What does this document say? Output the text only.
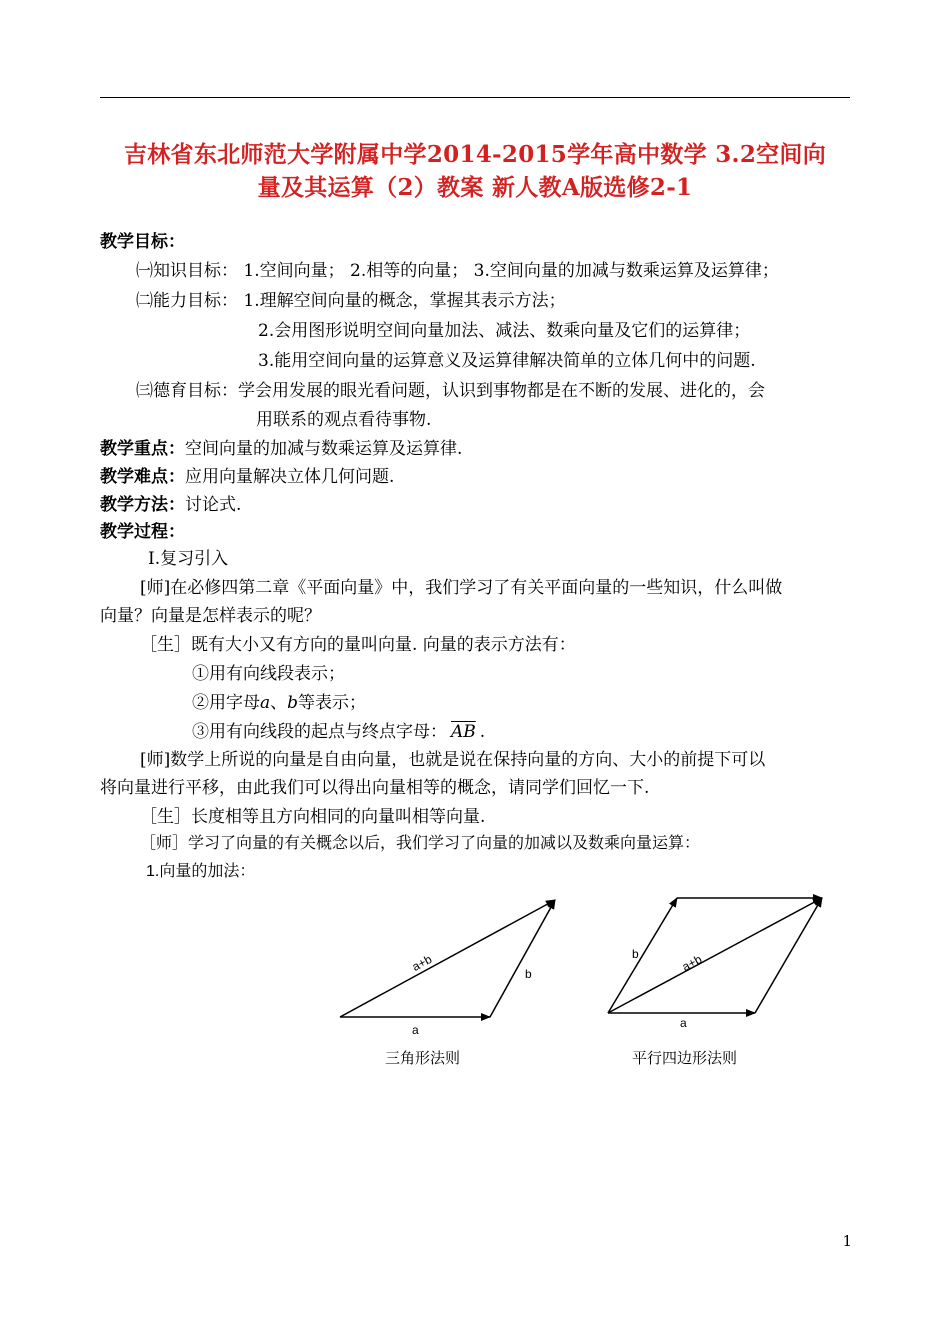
吉林省东北师范大学附属中学2014-2015学年高中数学 3.2空间向
量及其运算（2）教案 新人教A版选修2-1
教学目标：
㈠知识目标： 1.空间向量； 2.相等的向量； 3.空间向量的加减与数乘运算及运算律；
㈡能力目标： 1.理解空间向量的概念，掌握其表示方法；
2.会用图形说明空间向量加法、减法、数乘向量及它们的运算律；
3.能用空间向量的运算意义及运算律解决简单的立体几何中的问题.
㈢德育目标：学会用发展的眼光看问题，认识到事物都是在不断的发展、进化的，会
用联系的观点看待事物.
教学重点：空间向量的加减与数乘运算及运算律.
教学难点：应用向量解决立体几何问题.
教学方法：讨论式.
教学过程：
Ⅰ.复习引入
[师]在必修四第二章《平面向量》中，我们学习了有关平面向量的一些知识，什么叫做
向量？向量是怎样表示的呢？
［生］既有大小又有方向的量叫向量. 向量的表示方法有：
①用有向线段表示；
②用字母a、b等表示；
③用有向线段的起点与终点字母： $\overline{AB}$ .
[师]数学上所说的向量是自由向量，也就是说在保持向量的方向、大小的前提下可以
将向量进行平移，由此我们可以得出向量相等的概念，请同学们回忆一下.
［生］长度相等且方向相同的向量叫相等向量.
［师］学习了向量的有关概念以后，我们学习了向量的加减以及数乘向量运算：
1.向量的加法：
a
b
a+b
三角形法则
a
b	a+b
平行四边形法则
1
